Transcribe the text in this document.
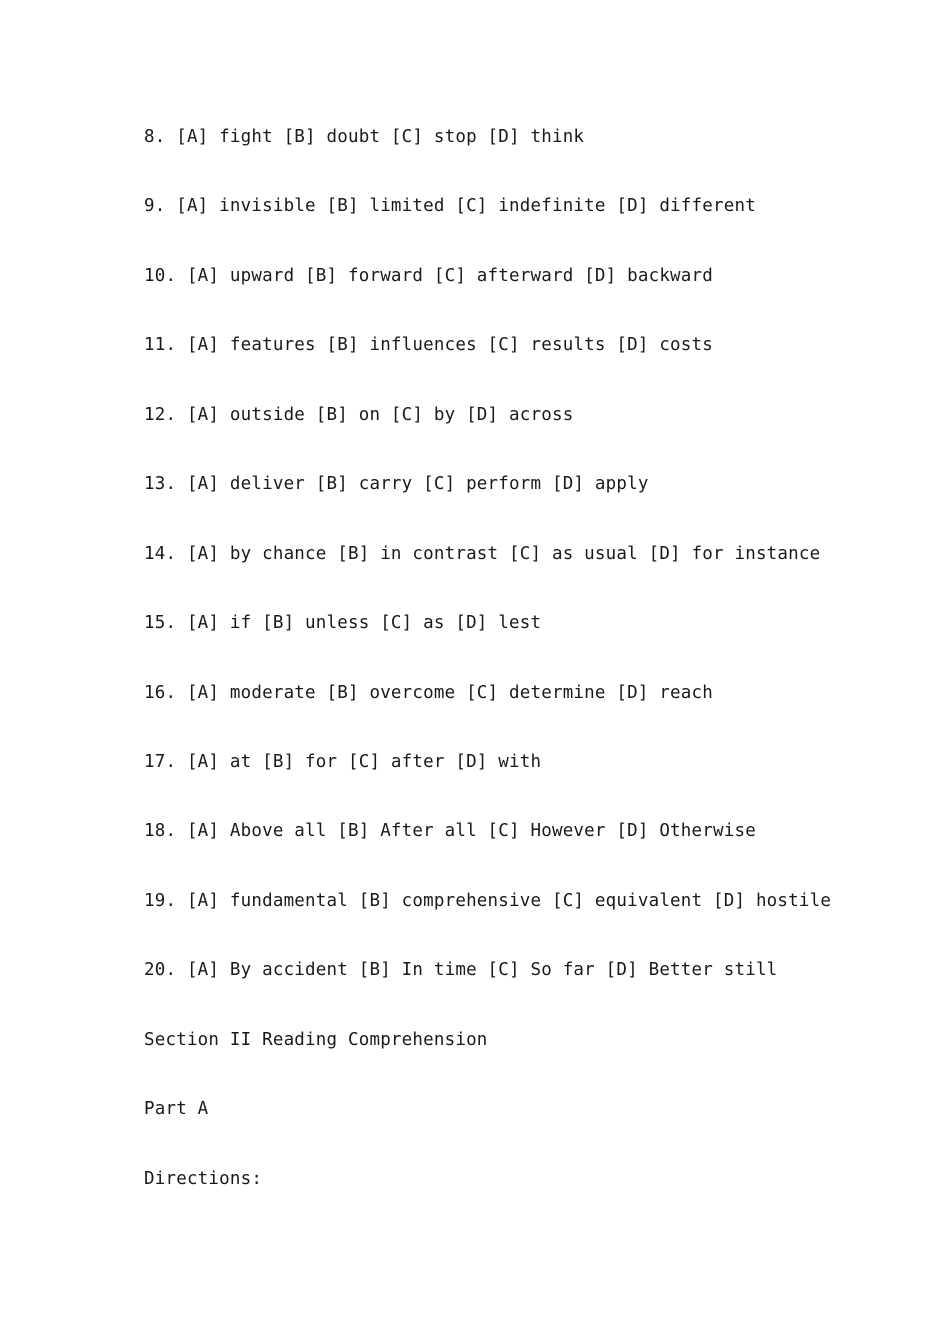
8. [A] fight [B] doubt [C] stop [D] think

9. [A] invisible [B] limited [C] indefinite [D] different

10. [A] upward [B] forward [C] afterward [D] backward

11. [A] features [B] influences [C] results [D] costs

12. [A] outside [B] on [C] by [D] across

13. [A] deliver [B] carry [C] perform [D] apply

14. [A] by chance [B] in contrast [C] as usual [D] for instance

15. [A] if [B] unless [C] as [D] lest

16. [A] moderate [B] overcome [C] determine [D] reach

17. [A] at [B] for [C] after [D] with

18. [A] Above all [B] After all [C] However [D] Otherwise

19. [A] fundamental [B] comprehensive [C] equivalent [D] hostile

20. [A] By accident [B] In time [C] So far [D] Better still

Section II Reading Comprehension

Part A

Directions:
